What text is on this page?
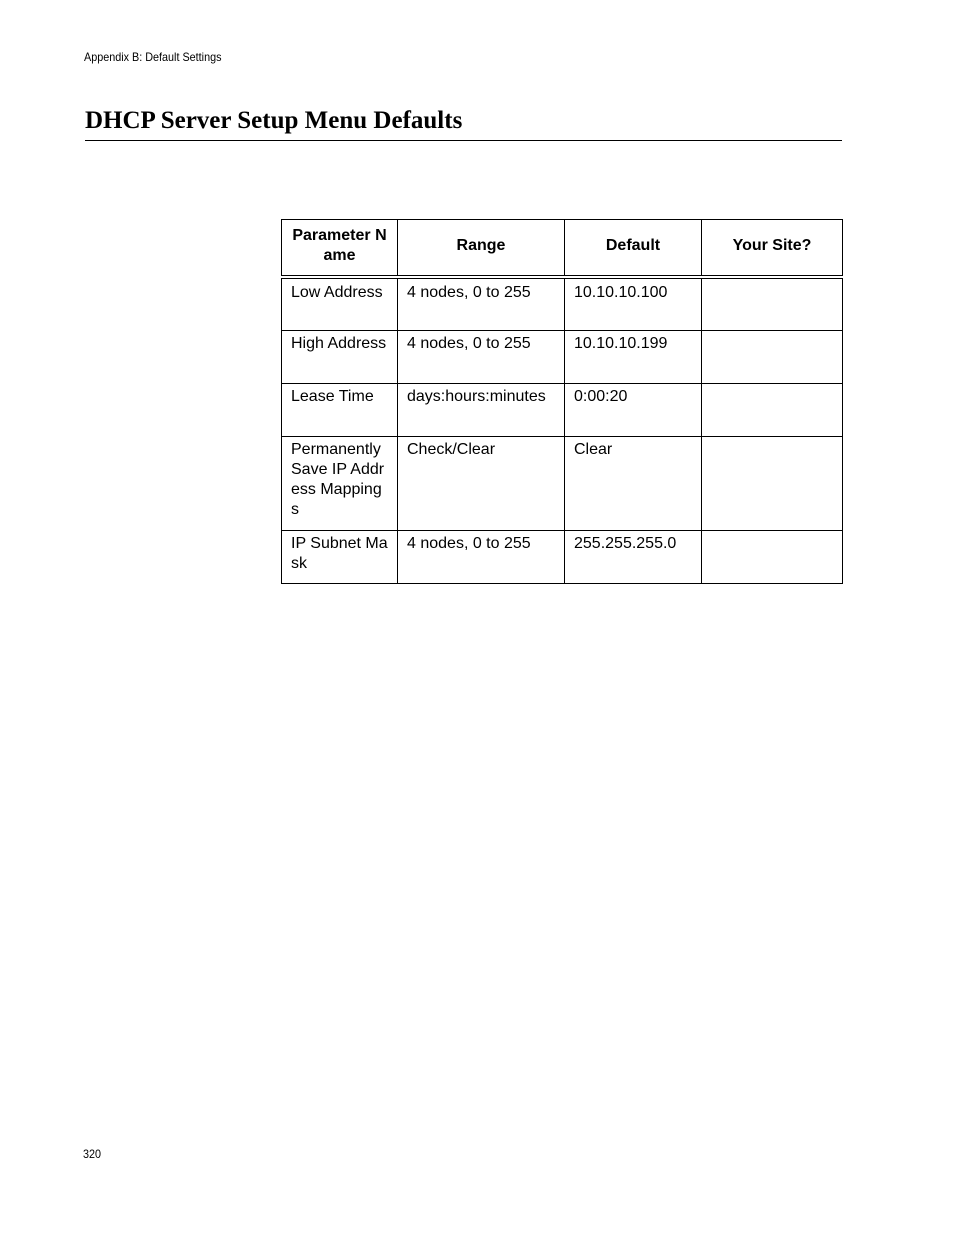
Appendix B: Default Settings
DHCP Server Setup Menu Defaults
Parameter Name	Range	Default	Your Site?
Low Address	4 nodes, 0 to 255	10.10.10.100	
High Address	4 nodes, 0 to 255	10.10.10.199	
Lease Time	days:hours:minutes	0:00:20	
Permanently Save IP Address Mappings	Check/Clear	Clear	
IP Subnet Mask	4 nodes, 0 to 255	255.255.255.0	
320
